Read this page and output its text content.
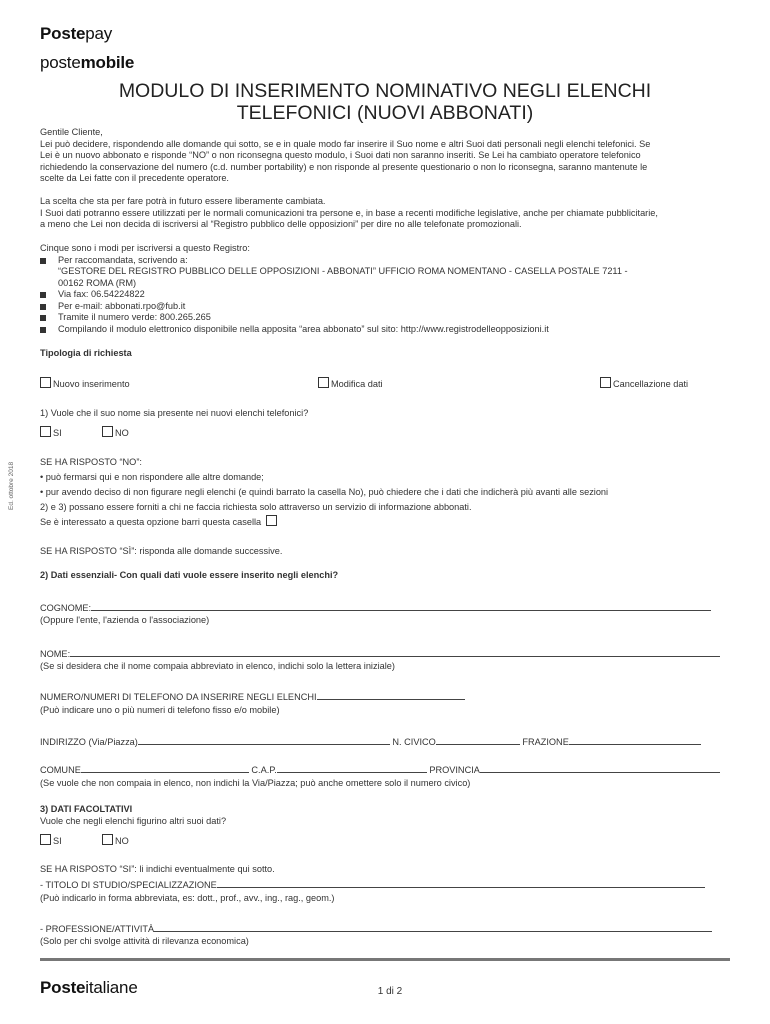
Postepay
postemobile
MODULO DI INSERIMENTO NOMINATIVO NEGLI ELENCHI
TELEFONICI (NUOVI ABBONATI)
Gentile Cliente,
Lei può decidere, rispondendo alle domande qui sotto, se e in quale modo far inserire il Suo nome e altri Suoi dati personali negli elenchi telefonici. Se
Lei è un nuovo abbonato e risponde “NO” o non riconsegna questo modulo, i Suoi dati non saranno inseriti. Se Lei ha cambiato operatore telefonico
richiedendo la conservazione del numero (c.d. number portability) e non risponde al presente questionario o non lo riconsegna, saranno mantenute le
scelte da Lei fatte con il precedente operatore.
La scelta che sta per fare potrà in futuro essere liberamente cambiata.
I Suoi dati potranno essere utilizzati per le normali comunicazioni tra persone e, in base a recenti modifiche legislative, anche per chiamate pubblicitarie,
a meno che Lei non decida di iscriversi al “Registro pubblico delle opposizioni” per dire no alle telefonate promozionali.
Cinque sono i modi per iscriversi a questo Registro:
Per raccomandata, scrivendo a:
“GESTORE DEL REGISTRO PUBBLICO DELLE OPPOSIZIONI - ABBONATI” UFFICIO ROMA NOMENTANO - CASELLA POSTALE 7211 -
00162 ROMA (RM)
Via fax: 06.54224822
Per e-mail: abbonati.rpo@fub.it
Tramite il numero verde: 800.265.265
Compilando il modulo elettronico disponibile nella apposita “area abbonato” sul sito: http://www.registrodelleopposizioni.it
Tipologia di richiesta
Nuovo inserimento	Modifica dati	Cancellazione dati
1) Vuole che il suo nome sia presente nei nuovi elenchi telefonici?
SI	NO
SE HA RISPOSTO “NO”:
• può fermarsi qui e non rispondere alle altre domande;
• pur avendo deciso di non figurare negli elenchi (e quindi barrato la casella No), può chiedere che i dati che indicherà più avanti alle sezioni
2) e 3) possano essere forniti a chi ne faccia richiesta solo attraverso un servizio di informazione abbonati.
Se è interessato a questa opzione barri questa casella
SE HA RISPOSTO “SÌ”: risponda alle domande successive.
2) Dati essenziali- Con quali dati vuole essere inserito negli elenchi?
COGNOME:
(Oppure l'ente, l'azienda o l'associazione)
NOME:
(Se si desidera che il nome compaia abbreviato in elenco, indichi solo la lettera iniziale)
NUMERO/NUMERI DI TELEFONO DA INSERIRE NEGLI ELENCHI
(Può indicare uno o più numeri di telefono fisso e/o mobile)
INDIRIZZO (Via/Piazza)	N. CIVICO	FRAZIONE
COMUNE	C.A.P.	PROVINCIA
(Se vuole che non compaia in elenco, non indichi la Via/Piazza; può anche omettere solo il numero civico)
3) DATI FACOLTATIVI
Vuole che negli elenchi figurino altri suoi dati?
SI	NO
SE HA RISPOSTO “SI”: li indichi eventualmente qui sotto.
- TITOLO DI STUDIO/SPECIALIZZAZIONE
(Può indicarlo in forma abbreviata, es: dott., prof., avv., ing., rag., geom.)
- PROFESSIONE/ATTIVITÀ
(Solo per chi svolge attività di rilevanza economica)
Ed. ottobre 2018
Posteitaliane	1 di 2
